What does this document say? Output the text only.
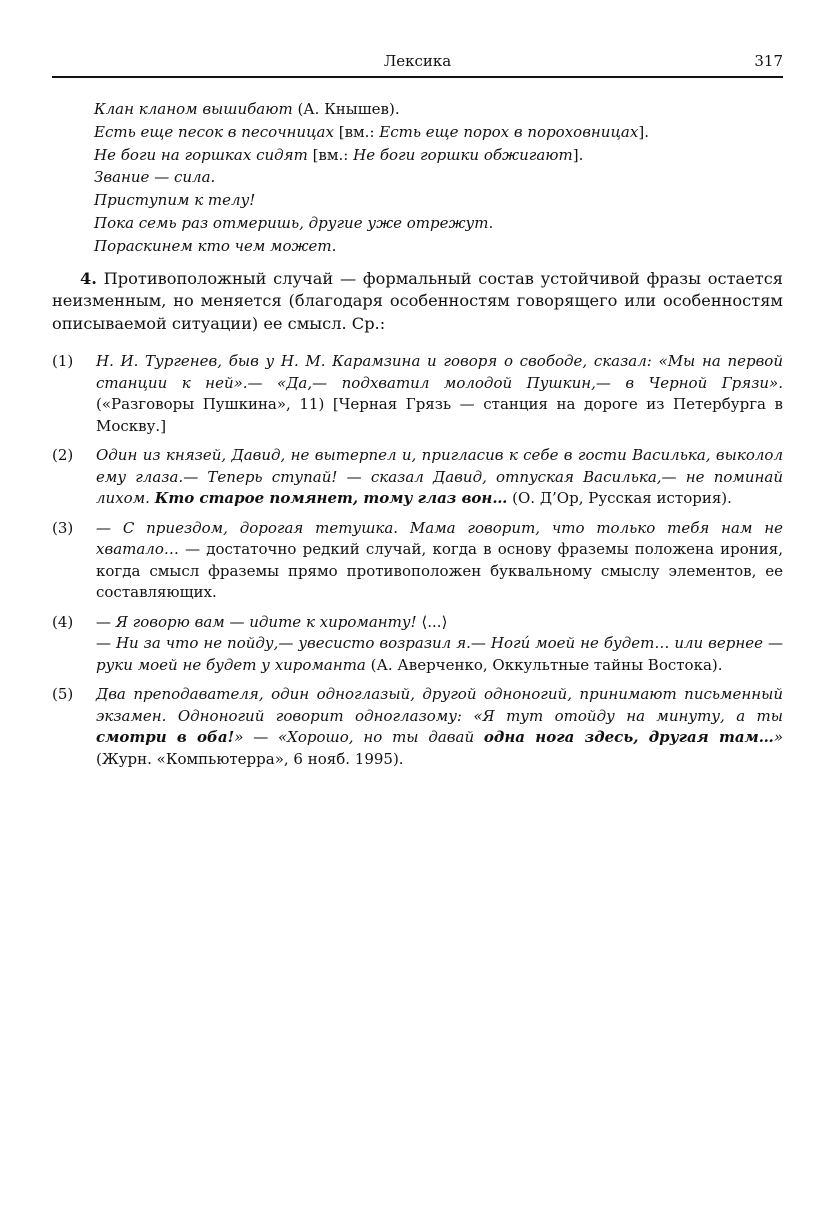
Лексика	317
Клан кланом вышибают (А. Кнышев).
Есть еще песок в песочницах [вм.: Есть еще порох в пороховницах].
Не боги на горшках сидят [вм.: Не боги горшки обжигают].
Звание — сила.
Приступим к телу!
Пока семь раз отмеришь, другие уже отрежут.
Пораскинем кто чем может.

4. Противоположный случай — формальный состав устойчивой фразы остается неизменным, но меняется (благодаря особенностям говорящего или особенностям описываемой ситуации) ее смысл. Ср.:

(1) Н. И. Тургенев, быв у Н. М. Карамзина и говоря о свободе, сказал: «Мы на первой станции к ней».— «Да,— подхватил молодой Пушкин,— в Черной Грязи». («Разговоры Пушкина», 11) [Черная Грязь — станция на дороге из Петербурга в Москву.]
(2) Один из князей, Давид, не вытерпел и, пригласив к себе в гости Василька, выколол ему глаза.— Теперь ступай! — сказал Давид, отпуская Василька,— не поминай лихом. Кто старое помянет, тому глаз вон… (О. Д’Ор, Русская история).
(3) — С приездом, дорогая тетушка. Мама говорит, что только тебя нам не хватало… — достаточно редкий случай, когда в основу фраземы положена ирония, когда смысл фраземы прямо противоположен буквальному смыслу элементов, ее составляющих.
(4) — Я говорю вам — идите к хироманту! ⟨...⟩
— Ни за что не пойду,— увесисто возразил я.— Ногú моей не будет… или вернее — руки моей не будет у хироманта (А. Аверченко, Оккультные тайны Востока).
(5) Два преподавателя, один одноглазый, другой одноногий, принимают письменный экзамен. Одноногий говорит одноглазому: «Я тут отойду на минуту, а ты смотри в оба!» — «Хорошо, но ты давай одна нога здесь, другая там…» (Журн. «Компьютерра», 6 нояб. 1995).
